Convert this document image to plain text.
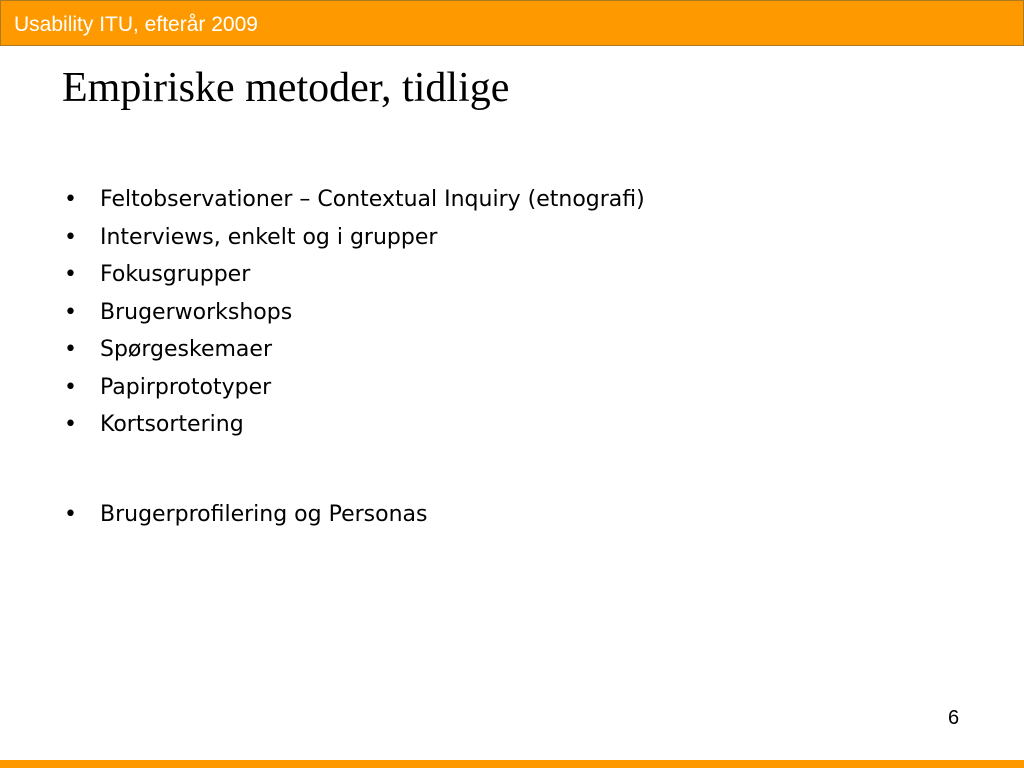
Usability ITU, efterår 2009
Empiriske metoder, tidlige
•	Feltobservationer – Contextual Inquiry (etnografi)
•	Interviews, enkelt og i grupper
•	Fokusgrupper
•	Brugerworkshops
•	Spørgeskemaer
•	Papirprototyper
•	Kortsortering
•	Brugerprofilering og Personas
6
